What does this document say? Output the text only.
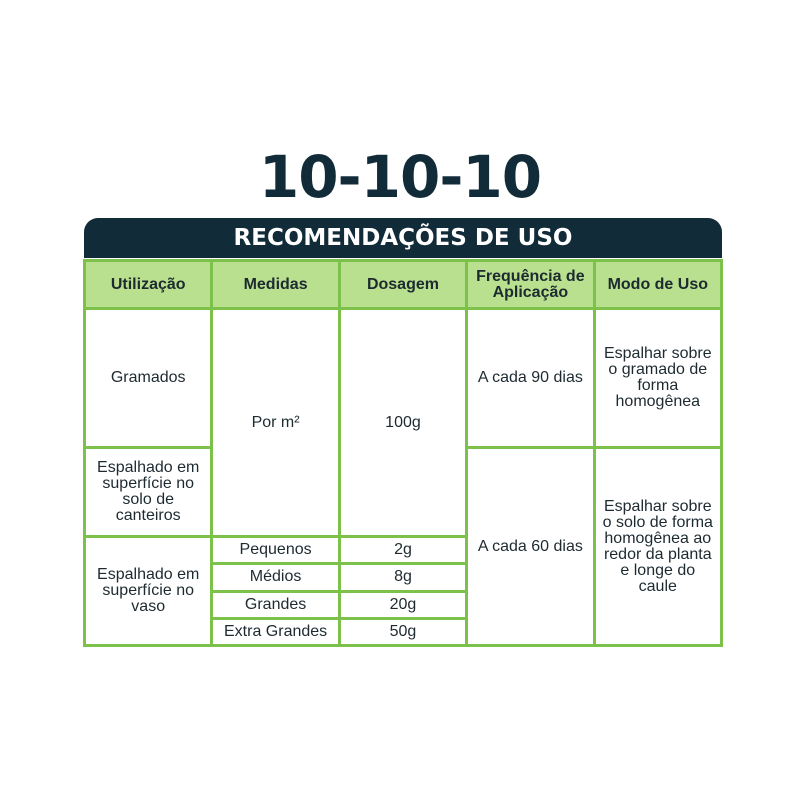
10-10-10
RECOMENDAÇÕES DE USO
Utilização	Medidas	Dosagem	Frequência de Aplicação	Modo de Uso
Gramados	Por m²	100g	A cada 90 dias	Espalhar sobre o gramado de forma homogênea
Espalhado em superfície no solo de canteiros			A cada 60 dias	Espalhar sobre o solo de forma homogênea ao redor da planta e longe do caule
Espalhado em superfície no vaso	Pequenos	2g		
	Médios	8g		
	Grandes	20g		
	Extra Grandes	50g		
